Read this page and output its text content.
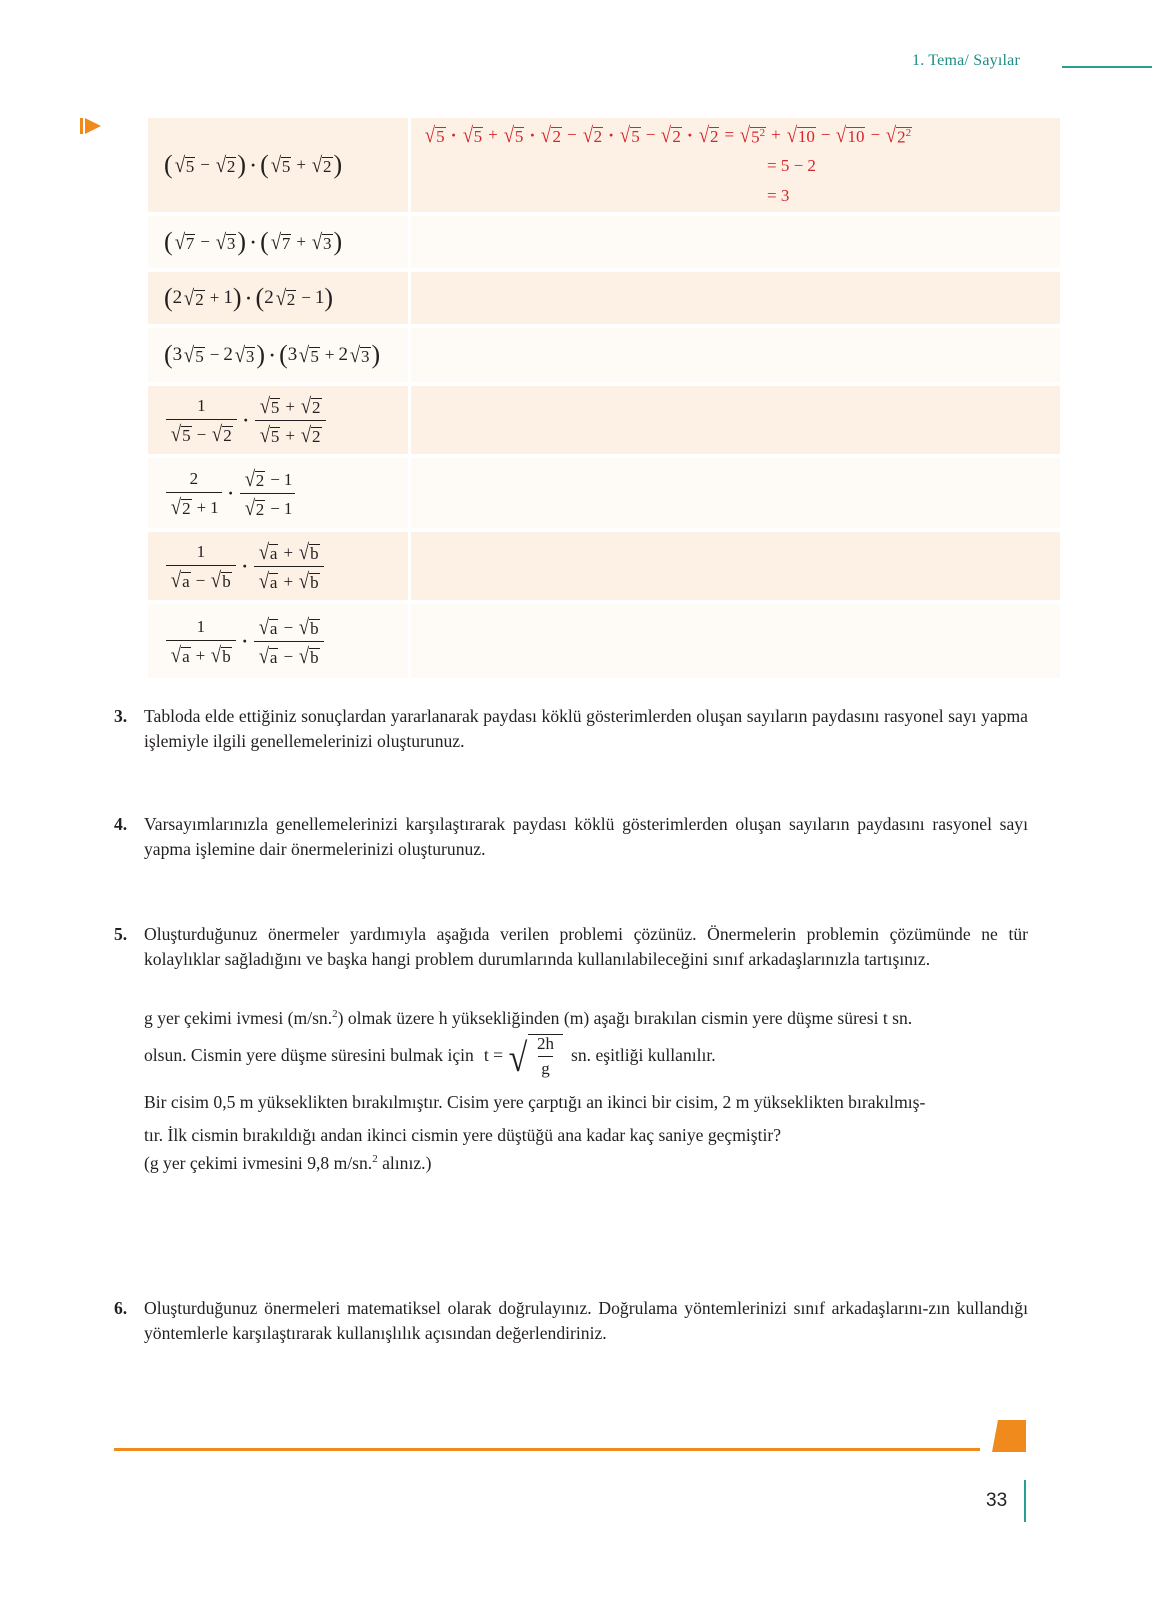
1. Tema/ Sayılar
( √ 5 − √ 2 ) · ( √ 5 + √ 2 )
√ 5 · √ 5 + √ 5 · √ 2 − √ 2 · √ 5 − √ 2 · √ 2 = √ $5^2$ + √ 10 − √ 10 − √ $2^2$
= 5 − 2
= 3
( √ 7 − √ 3 ) · ( √ 7 + √ 3 )
( 2 √ 2 + 1 ) · ( 2 √ 2 − 1 )
( 3 √ 5 − 2 √ 3 ) · ( 3 √ 5 + 2 √ 3 )
$\frac{1}{√ 5 - √ 2} \cdot \frac{√ 5 + √ 2}{√ 5 + √ 2}$
$\frac{2}{√ 2 + 1} \cdot \frac{√ 2 - 1}{√ 2 - 1}$
$\frac{1}{√ a - √ b} \cdot \frac{√ a + √ b}{√ a + √ b}$
$\frac{1}{√ a + √ b} \cdot \frac{√ a - √ b}{√ a - √ b}$
3. Tabloda elde ettiğiniz sonuçlardan yararlanarak paydası köklü gösterimlerden oluşan sayıların paydasını rasyonel sayı yapma işlemiyle ilgili genellemelerinizi oluşturunuz.
4. Varsayımlarınızla genellemelerinizi karşılaştırarak paydası köklü gösterimlerden oluşan sayıların paydasını rasyonel sayı yapma işlemine dair önermelerinizi oluşturunuz.
5. Oluşturduğunuz önermeler yardımıyla aşağıda verilen problemi çözünüz. Önermelerin problemin çözümünde ne tür kolaylıklar sağladığını ve başka hangi problem durumlarında kullanılabileceğini sınıf arkadaşlarınızla tartışınız.
g yer çekimi ivmesi (m/sn.$^2$) olmak üzere h yüksekliğinden (m) aşağı bırakılan cismin yere düşme süresi t sn.
olsun. Cismin yere düşme süresini bulmak için t = √ $\frac{2h}{g}$ sn. eşitliği kullanılır.
Bir cisim 0,5 m yükseklikten bırakılmıştır. Cisim yere çarptığı an ikinci bir cisim, 2 m yükseklikten bırakılmış-
tır. İlk cismin bırakıldığı andan ikinci cismin yere düştüğü ana kadar kaç saniye geçmiştir?
(g yer çekimi ivmesini 9,8 m/sn.$^2$ alınız.)
6. Oluşturduğunuz önermeleri matematiksel olarak doğrulayınız. Doğrulama yöntemlerinizi sınıf arkadaşlarını-zın kullandığı yöntemlerle karşılaştırarak kullanışlılık açısından değerlendiriniz.
33
